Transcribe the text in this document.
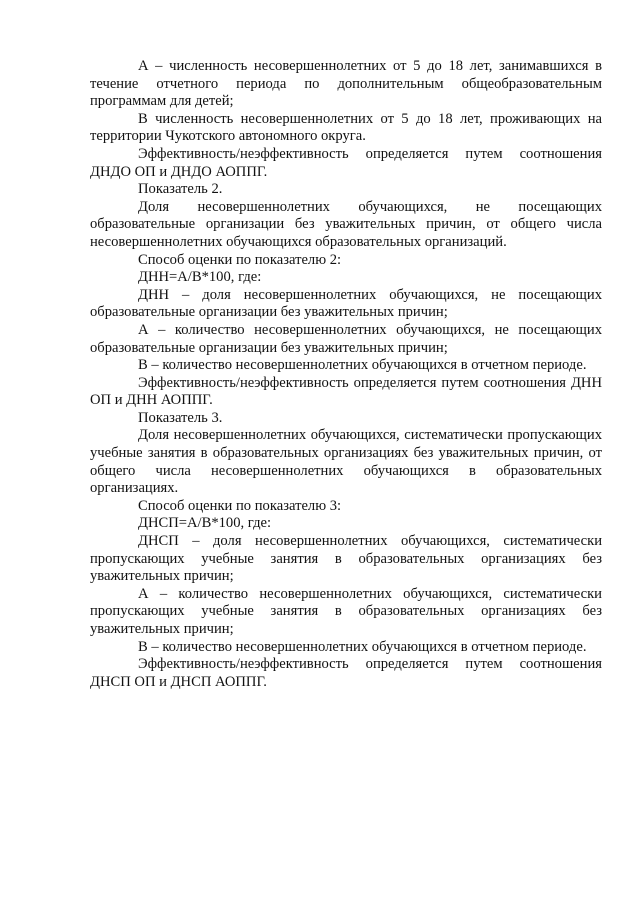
А – численность несовершеннолетних от 5 до 18 лет, занимавшихся в течение отчетного периода по дополнительным общеобразовательным программам для детей;

В численность несовершеннолетних от 5 до 18 лет, проживающих на территории Чукотского автономного округа.

Эффективность/неэффективность определяется путем соотношения ДНДО ОП и ДНДО АОППГ.

Показатель 2.

Доля несовершеннолетних обучающихся, не посещающих образовательные организации без уважительных причин, от общего числа несовершеннолетних обучающихся образовательных организаций.

Способ оценки по показателю 2:

ДНН=А/В*100, где:

ДНН – доля несовершеннолетних обучающихся, не посещающих образовательные организации без уважительных причин;

А – количество несовершеннолетних обучающихся, не посещающих образовательные организации без уважительных причин;

В – количество несовершеннолетних обучающихся в отчетном периоде.

Эффективность/неэффективность определяется путем соотношения ДНН ОП и ДНН АОППГ.

Показатель 3.

Доля несовершеннолетних обучающихся, систематически пропускающих учебные занятия в образовательных организациях без уважительных причин, от общего числа несовершеннолетних обучающихся в образовательных организациях.

Способ оценки по показателю 3:

ДНСП=А/В*100, где:

ДНСП – доля несовершеннолетних обучающихся, систематически пропускающих учебные занятия в образовательных организациях без уважительных причин;

А – количество несовершеннолетних обучающихся, систематически пропускающих учебные занятия в образовательных организациях без уважительных причин;

В – количество несовершеннолетних обучающихся в отчетном периоде.

Эффективность/неэффективность определяется путем соотношения ДНСП ОП и ДНСП АОППГ.
